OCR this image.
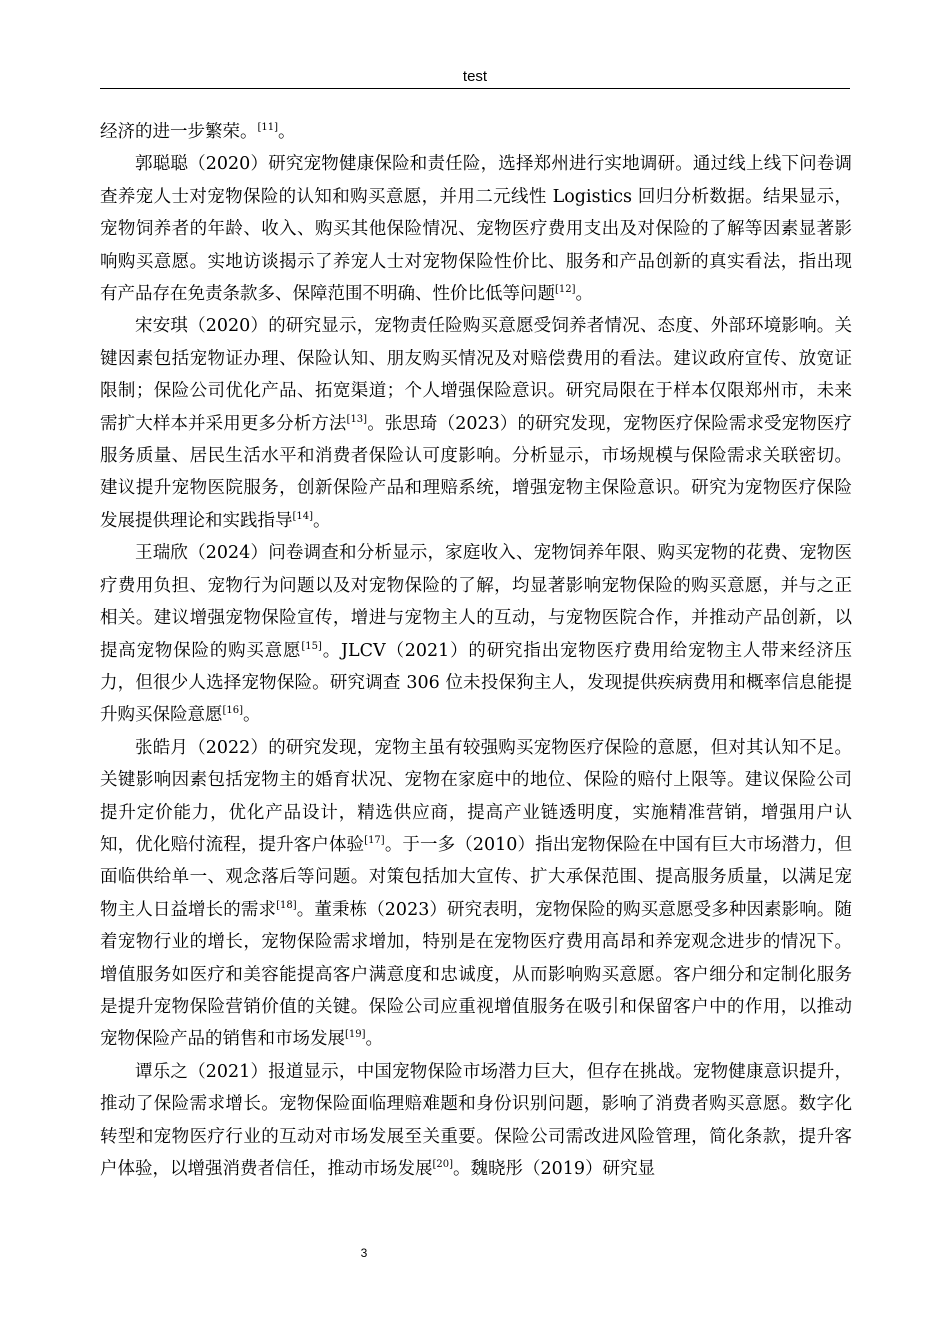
test

经济的进一步繁荣。[11]。

郭聪聪（2020）研究宠物健康保险和责任险，选择郑州进行实地调研。通过线上线下问卷调查养宠人士对宠物保险的认知和购买意愿，并用二元线性 Logistics 回归分析数据。结果显示，宠物饲养者的年龄、收入、购买其他保险情况、宠物医疗费用支出及对保险的了解等因素显著影响购买意愿。实地访谈揭示了养宠人士对宠物保险性价比、服务和产品创新的真实看法，指出现有产品存在免责条款多、保障范围不明确、性价比低等问题[12]。

宋安琪（2020）的研究显示，宠物责任险购买意愿受饲养者情况、态度、外部环境影响。关键因素包括宠物证办理、保险认知、朋友购买情况及对赔偿费用的看法。建议政府宣传、放宽证限制；保险公司优化产品、拓宽渠道；个人增强保险意识。研究局限在于样本仅限郑州市，未来需扩大样本并采用更多分析方法[13]。张思琦（2023）的研究发现，宠物医疗保险需求受宠物医疗服务质量、居民生活水平和消费者保险认可度影响。分析显示，市场规模与保险需求关联密切。建议提升宠物医院服务，创新保险产品和理赔系统，增强宠物主保险意识。研究为宠物医疗保险发展提供理论和实践指导[14]。

王瑞欣（2024）问卷调查和分析显示，家庭收入、宠物饲养年限、购买宠物的花费、宠物医疗费用负担、宠物行为问题以及对宠物保险的了解，均显著影响宠物保险的购买意愿，并与之正相关。建议增强宠物保险宣传，增进与宠物主人的互动，与宠物医院合作，并推动产品创新，以提高宠物保险的购买意愿[15]。JLCV（2021）的研究指出宠物医疗费用给宠物主人带来经济压力，但很少人选择宠物保险。研究调查 306 位未投保狗主人，发现提供疾病费用和概率信息能提升购买保险意愿[16]。

张皓月（2022）的研究发现，宠物主虽有较强购买宠物医疗保险的意愿，但对其认知不足。关键影响因素包括宠物主的婚育状况、宠物在家庭中的地位、保险的赔付上限等。建议保险公司提升定价能力，优化产品设计，精选供应商，提高产业链透明度，实施精准营销，增强用户认知，优化赔付流程，提升客户体验[17]。于一多（2010）指出宠物保险在中国有巨大市场潜力，但面临供给单一、观念落后等问题。对策包括加大宣传、扩大承保范围、提高服务质量，以满足宠物主人日益增长的需求[18]。董秉栋（2023）研究表明，宠物保险的购买意愿受多种因素影响。随着宠物行业的增长，宠物保险需求增加，特别是在宠物医疗费用高昂和养宠观念进步的情况下。增值服务如医疗和美容能提高客户满意度和忠诚度，从而影响购买意愿。客户细分和定制化服务是提升宠物保险营销价值的关键。保险公司应重视增值服务在吸引和保留客户中的作用，以推动宠物保险产品的销售和市场发展[19]。

谭乐之（2021）报道显示，中国宠物保险市场潜力巨大，但存在挑战。宠物健康意识提升，推动了保险需求增长。宠物保险面临理赔难题和身份识别问题，影响了消费者购买意愿。数字化转型和宠物医疗行业的互动对市场发展至关重要。保险公司需改进风险管理，简化条款，提升客户体验，以增强消费者信任，推动市场发展[20]。魏晓彤（2019）研究显

3
